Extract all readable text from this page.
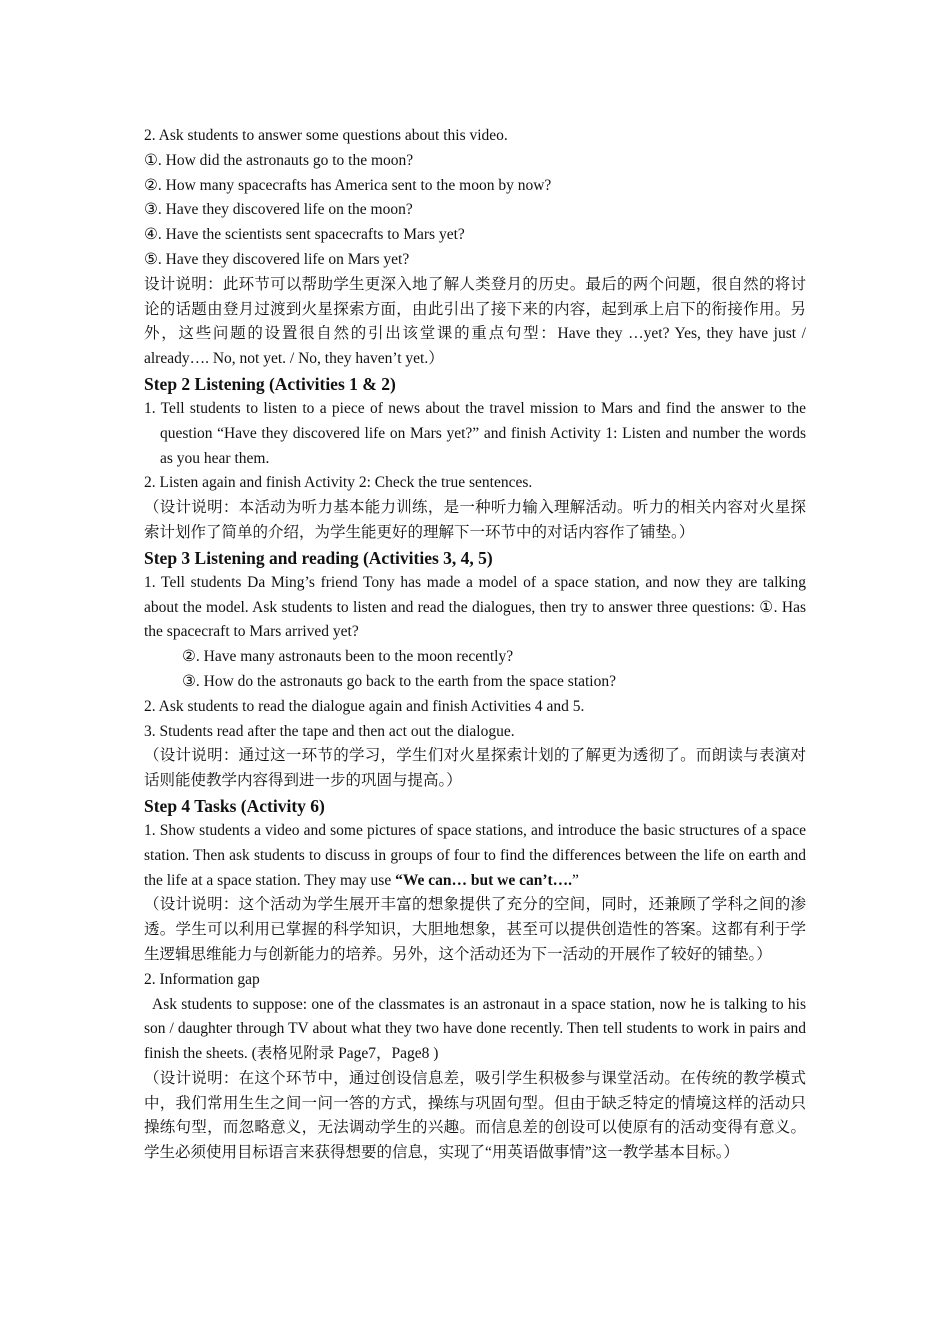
2. Ask students to answer some questions about this video.

①. How did the astronauts go to the moon?

②. How many spacecrafts has America sent to the moon by now?

③. Have they discovered life on the moon?

④. Have the scientists sent spacecrafts to Mars yet?

⑤. Have they discovered life on Mars yet?

设计说明：此环节可以帮助学生更深入地了解人类登月的历史。最后的两个问题，很自然的将讨论的话题由登月过渡到火星探索方面，由此引出了接下来的内容，起到承上启下的衔接作用。另外，这些问题的设置很自然的引出该堂课的重点句型：Have they …yet? Yes, they have just / already…. No, not yet. / No, they haven’t yet.）

Step 2 Listening (Activities 1 & 2)

1. Tell students to listen to a piece of news about the travel mission to Mars and find the answer to the question “Have they discovered life on Mars yet?” and finish Activity 1: Listen and number the words as you hear them.

2. Listen again and finish Activity 2: Check the true sentences.

（设计说明：本活动为听力基本能力训练，是一种听力输入理解活动。听力的相关内容对火星探索计划作了简单的介绍，为学生能更好的理解下一环节中的对话内容作了铺垫。）

Step 3 Listening and reading (Activities 3, 4, 5)

1. Tell students Da Ming’s friend Tony has made a model of a space station, and now they are talking about the model. Ask students to listen and read the dialogues, then try to answer three questions: ①. Has the spacecraft to Mars arrived yet?

②. Have many astronauts been to the moon recently?

③. How do the astronauts go back to the earth from the space station?

2. Ask students to read the dialogue again and finish Activities 4 and 5.

3. Students read after the tape and then act out the dialogue.

（设计说明：通过这一环节的学习，学生们对火星探索计划的了解更为透彻了。而朗读与表演对话则能使教学内容得到进一步的巩固与提高。）

Step 4 Tasks (Activity 6)

1. Show students a video and some pictures of space stations, and introduce the basic structures of a space station. Then ask students to discuss in groups of four to find the differences between the life on earth and the life at a space station. They may use “We can… but we can’t….”

（设计说明：这个活动为学生展开丰富的想象提供了充分的空间，同时，还兼顾了学科之间的渗透。学生可以利用已掌握的科学知识，大胆地想象，甚至可以提供创造性的答案。这都有利于学生逻辑思维能力与创新能力的培养。另外，这个活动还为下一活动的开展作了较好的铺垫。）

2. Information gap

Ask students to suppose: one of the classmates is an astronaut in a space station, now he is talking to his son / daughter through TV about what they two have done recently. Then tell students to work in pairs and finish the sheets. (表格见附录 Page7，Page8 )

（设计说明：在这个环节中，通过创设信息差，吸引学生积极参与课堂活动。在传统的教学模式中，我们常用生生之间一问一答的方式，操练与巩固句型。但由于缺乏特定的情境这样的活动只操练句型，而忽略意义，无法调动学生的兴趣。而信息差的创设可以使原有的活动变得有意义。学生必须使用目标语言来获得想要的信息，实现了“用英语做事情”这一教学基本目标。）
